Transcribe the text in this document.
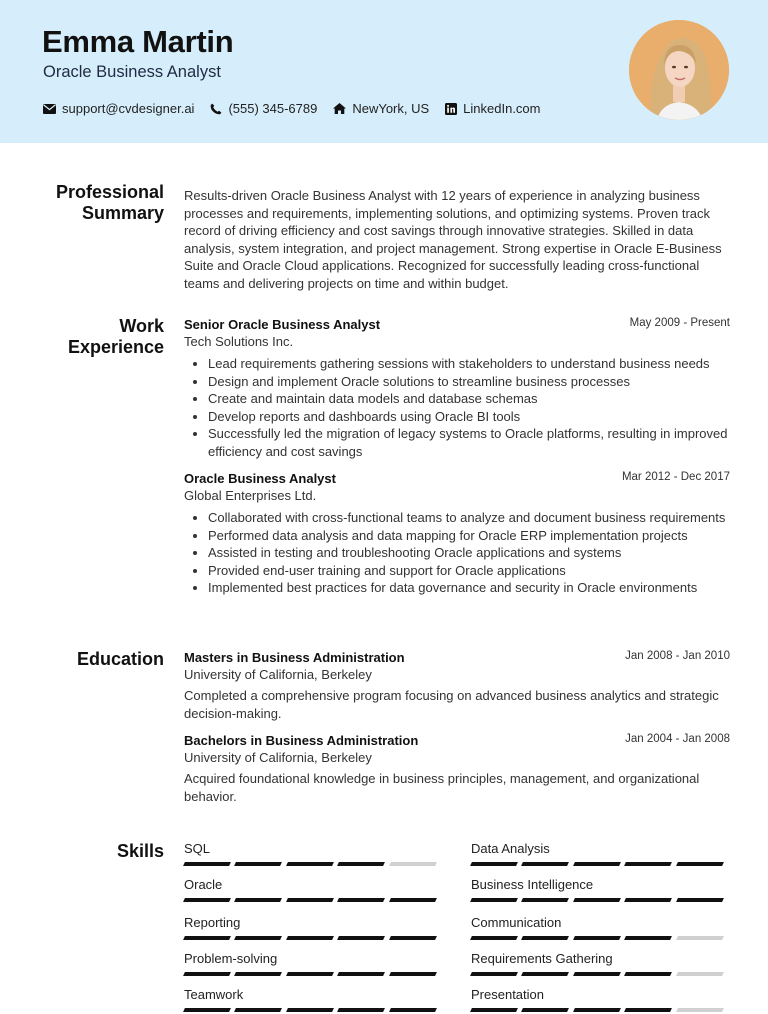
Emma Martin
Oracle Business Analyst
support@cvdesigner.ai	(555) 345-6789	NewYork, US	LinkedIn.com
Professional
Summary

Results-driven Oracle Business Analyst with 12 years of experience in analyzing business processes and requirements, implementing solutions, and optimizing systems. Proven track record of driving efficiency and cost savings through innovative strategies. Skilled in data analysis, system integration, and project management. Strong expertise in Oracle E-Business Suite and Oracle Cloud applications. Recognized for successfully leading cross-functional teams and delivering projects on time and within budget.

Work
Experience
Senior Oracle Business Analyst	May 2009 - Present
Tech Solutions Inc.
• Lead requirements gathering sessions with stakeholders to understand business needs
• Design and implement Oracle solutions to streamline business processes
• Create and maintain data models and database schemas
• Develop reports and dashboards using Oracle BI tools
• Successfully led the migration of legacy systems to Oracle platforms, resulting in improved efficiency and cost savings
Oracle Business Analyst	Mar 2012 - Dec 2017
Global Enterprises Ltd.
• Collaborated with cross-functional teams to analyze and document business requirements
• Performed data analysis and data mapping for Oracle ERP implementation projects
• Assisted in testing and troubleshooting Oracle applications and systems
• Provided end-user training and support for Oracle applications
• Implemented best practices for data governance and security in Oracle environments
Education Masters in Business Administration	Jan 2008 - Jan 2010
University of California, Berkeley

Completed a comprehensive program focusing on advanced business analytics and strategic decision-making.

Bachelors in Business Administration	Jan 2004 - Jan 2008
University of California, Berkeley

Acquired foundational knowledge in business principles, management, and organizational behavior.

Skills SQL	Data Analysis
Oracle	Business Intelligence
Reporting	Communication
Problem-solving	Requirements Gathering
Teamwork	Presentation
